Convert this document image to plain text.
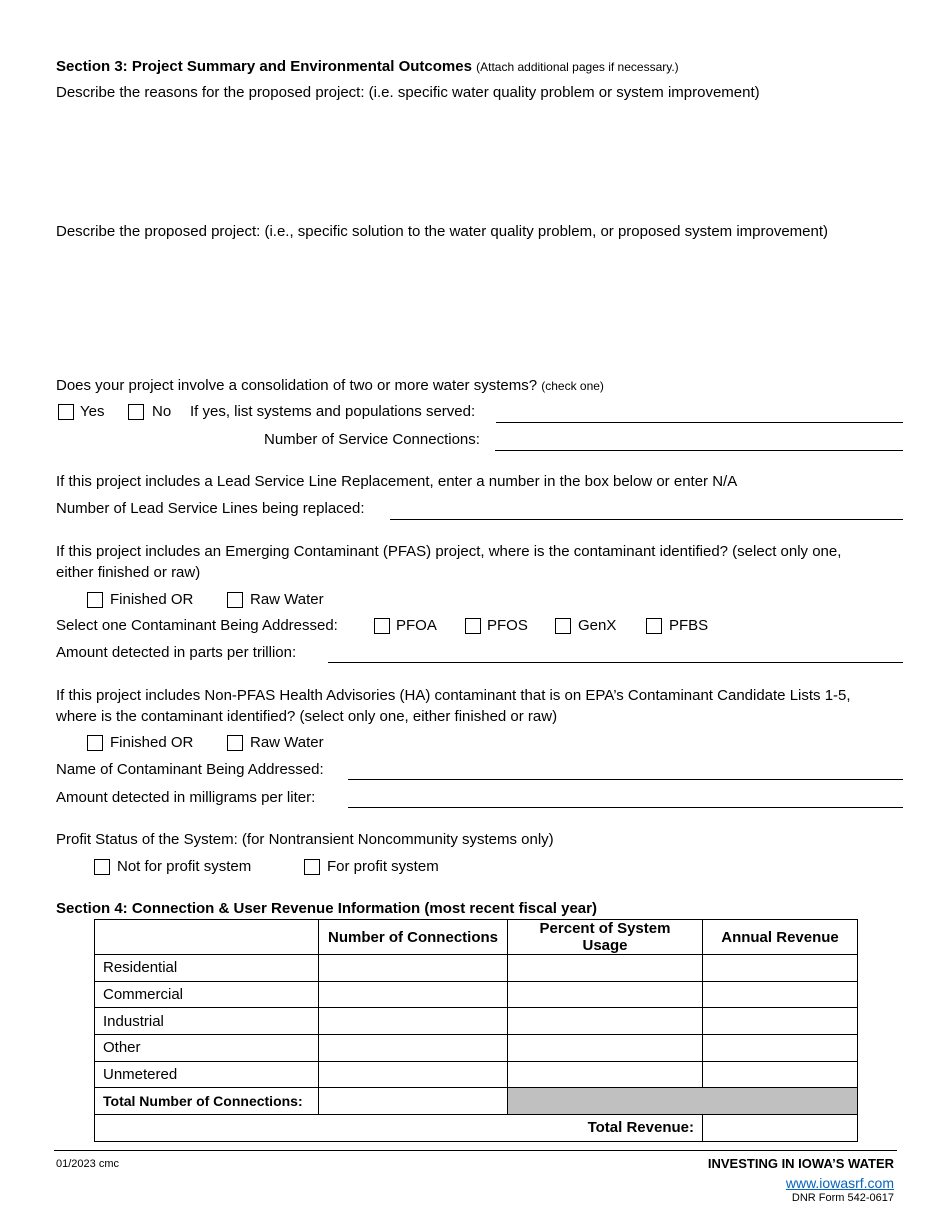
Section 3: Project Summary and Environmental Outcomes (Attach additional pages if necessary.)
Describe the reasons for the proposed project: (i.e. specific water quality problem or system improvement)
Describe the proposed project: (i.e., specific solution to the water quality problem, or proposed system improvement)
Does your project involve a consolidation of two or more water systems? (check one)
Yes	No If yes, list systems and populations served:
Number of Service Connections:
If this project includes a Lead Service Line Replacement, enter a number in the box below or enter N/A
Number of Lead Service Lines being replaced:
If this project includes an Emerging Contaminant (PFAS) project, where is the contaminant identified? (select only one,
either finished or raw)
Finished OR	Raw Water
Select one Contaminant Being Addressed:	PFOA	PFOS	GenX	PFBS
Amount detected in parts per trillion:
If this project includes Non-PFAS Health Advisories (HA) contaminant that is on EPA’s Contaminant Candidate Lists 1-5,
where is the contaminant identified? (select only one, either finished or raw)
Finished OR	Raw Water
Name of Contaminant Being Addressed:
Amount detected in milligrams per liter:
Profit Status of the System: (for Nontransient Noncommunity systems only)
Not for profit system	For profit system
Section 4: Connection & User Revenue Information (most recent fiscal year)
	Number of Connections	Percent of System Usage	Annual Revenue
Residential			
Commercial			
Industrial			
Other			
Unmetered			
Total Number of Connections:			
Total Revenue:			
01/2023 cmc	INVESTING IN IOWA’S WATER
www.iowasrf.com
DNR Form 542-0617
